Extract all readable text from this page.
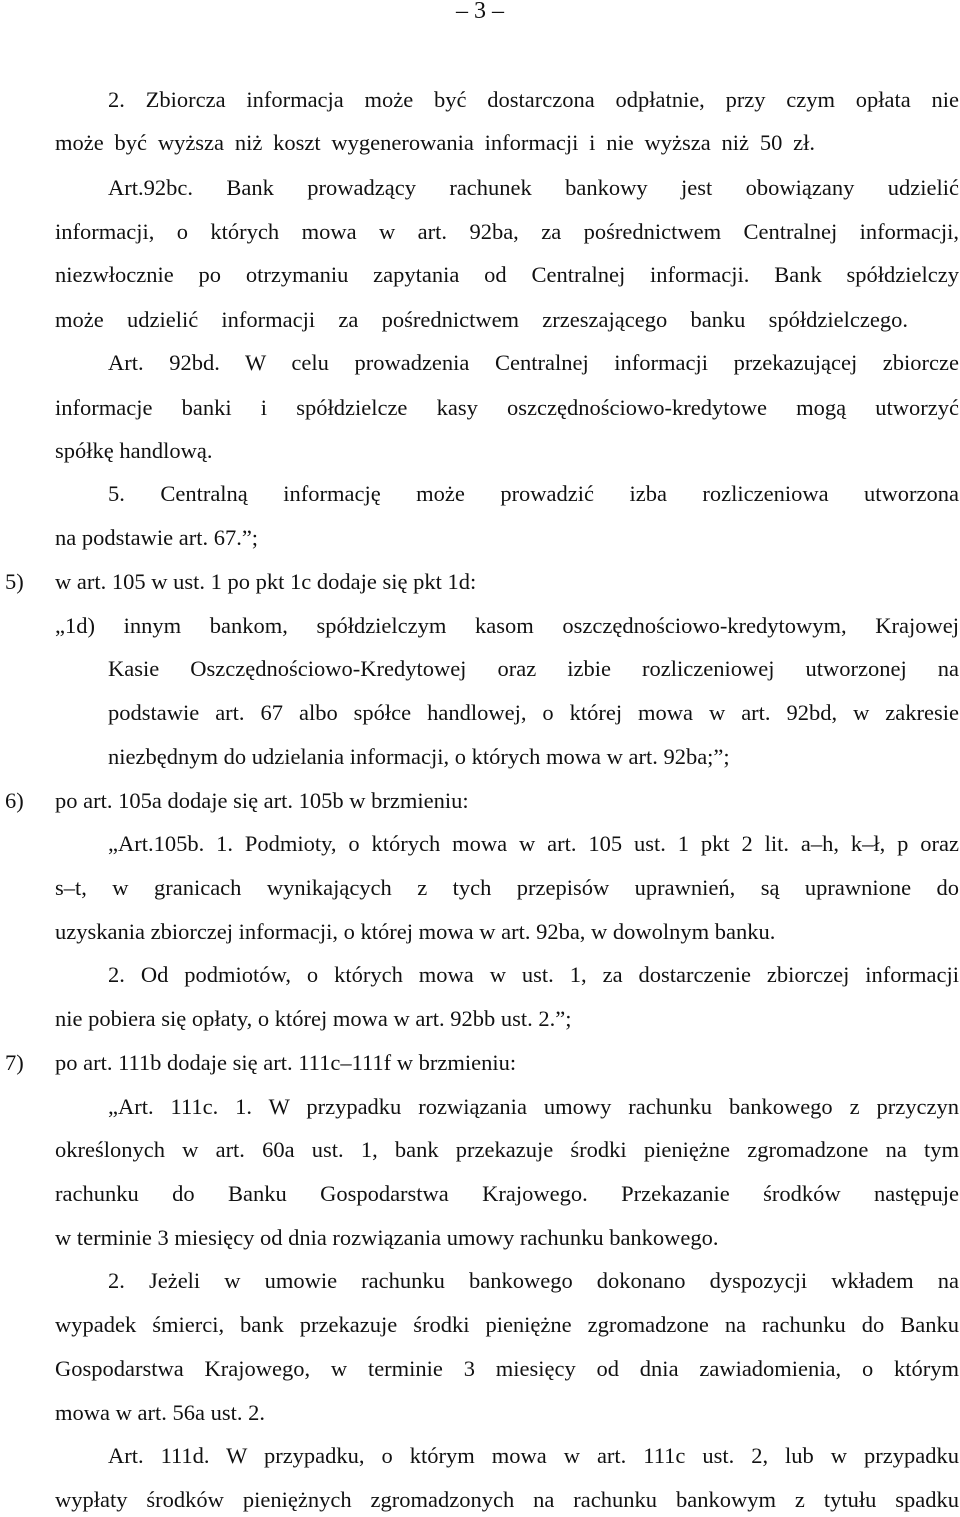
– 3 –
2. Zbiorcza informacja może być dostarczona odpłatnie, przy czym opłata nie
może być wyższa niż koszt wygenerowania informacji i nie wyższa niż 50 zł.
Art.92bc. Bank prowadzący rachunek bankowy jest obowiązany udzielić
informacji, o których mowa w art. 92ba, za pośrednictwem Centralnej informacji,
niezwłocznie po otrzymaniu zapytania od Centralnej informacji. Bank spółdzielczy
może udzielić informacji za pośrednictwem zrzeszającego banku spółdzielczego.
Art. 92bd. W celu prowadzenia Centralnej informacji przekazującej zbiorcze
informacje banki i spółdzielcze kasy oszczędnościowo-kredytowe mogą utworzyć
spółkę handlową.
5. Centralną informację może prowadzić izba rozliczeniowa utworzona
na podstawie art. 67.”;
5) w art. 105 w ust. 1 po pkt 1c dodaje się pkt 1d:
„1d) innym bankom, spółdzielczym kasom oszczędnościowo-kredytowym, Krajowej
Kasie Oszczędnościowo-Kredytowej oraz izbie rozliczeniowej utworzonej na
podstawie art. 67 albo spółce handlowej, o której mowa w art. 92bd, w zakresie
niezbędnym do udzielania informacji, o których mowa w art. 92ba;”;
6) po art. 105a dodaje się art. 105b w brzmieniu:
„Art.105b. 1. Podmioty, o których mowa w art. 105 ust. 1 pkt 2 lit. a–h, k–ł, p oraz
s–t, w granicach wynikających z tych przepisów uprawnień, są uprawnione do
uzyskania zbiorczej informacji, o której mowa w art. 92ba, w dowolnym banku.
2. Od podmiotów, o których mowa w ust. 1, za dostarczenie zbiorczej informacji
nie pobiera się opłaty, o której mowa w art. 92bb ust. 2.”;
7) po art. 111b dodaje się art. 111c–111f w brzmieniu:
„Art. 111c. 1. W przypadku rozwiązania umowy rachunku bankowego z przyczyn
określonych w art. 60a ust. 1, bank przekazuje środki pieniężne zgromadzone na tym
rachunku do Banku Gospodarstwa Krajowego. Przekazanie środków następuje
w terminie 3 miesięcy od dnia rozwiązania umowy rachunku bankowego.
2. Jeżeli w umowie rachunku bankowego dokonano dyspozycji wkładem na
wypadek śmierci, bank przekazuje środki pieniężne zgromadzone na rachunku do Banku
Gospodarstwa Krajowego, w terminie 3 miesięcy od dnia zawiadomienia, o którym
mowa w art. 56a ust. 2.
Art. 111d. W przypadku, o którym mowa w art. 111c ust. 2, lub w przypadku
wypłaty środków pieniężnych zgromadzonych na rachunku bankowym z tytułu spadku
